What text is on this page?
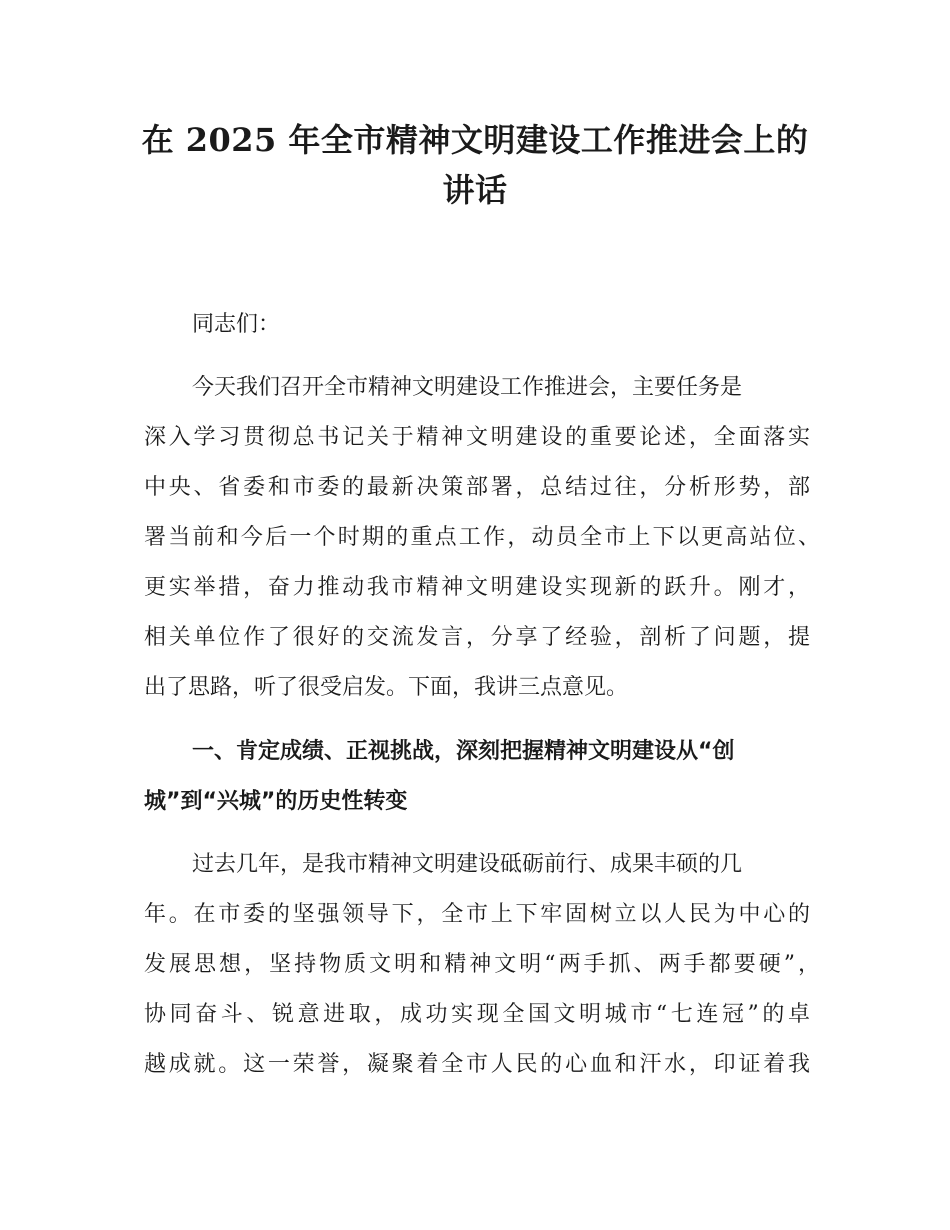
在 2025 年全市精神文明建设工作推进会上的
讲话

同志们：

今天我们召开全市精神文明建设工作推进会，主要任务是

深入学习贯彻总书记关于精神文明建设的重要论述，全面落实

中央、省委和市委的最新决策部署，总结过往，分析形势，部

署当前和今后一个时期的重点工作，动员全市上下以更高站位、

更实举措，奋力推动我市精神文明建设实现新的跃升。刚才，

相关单位作了很好的交流发言，分享了经验，剖析了问题，提

出了思路，听了很受启发。下面，我讲三点意见。

一、肯定成绩、正视挑战，深刻把握精神文明建设从“创

城”到“兴城”的历史性转变

过去几年，是我市精神文明建设砥砺前行、成果丰硕的几

年。在市委的坚强领导下，全市上下牢固树立以人民为中心的

发展思想，坚持物质文明和精神文明“两手抓、两手都要硬”，

协同奋斗、锐意进取，成功实现全国文明城市“七连冠”的卓

越成就。这一荣誉，凝聚着全市人民的心血和汗水，印证着我
